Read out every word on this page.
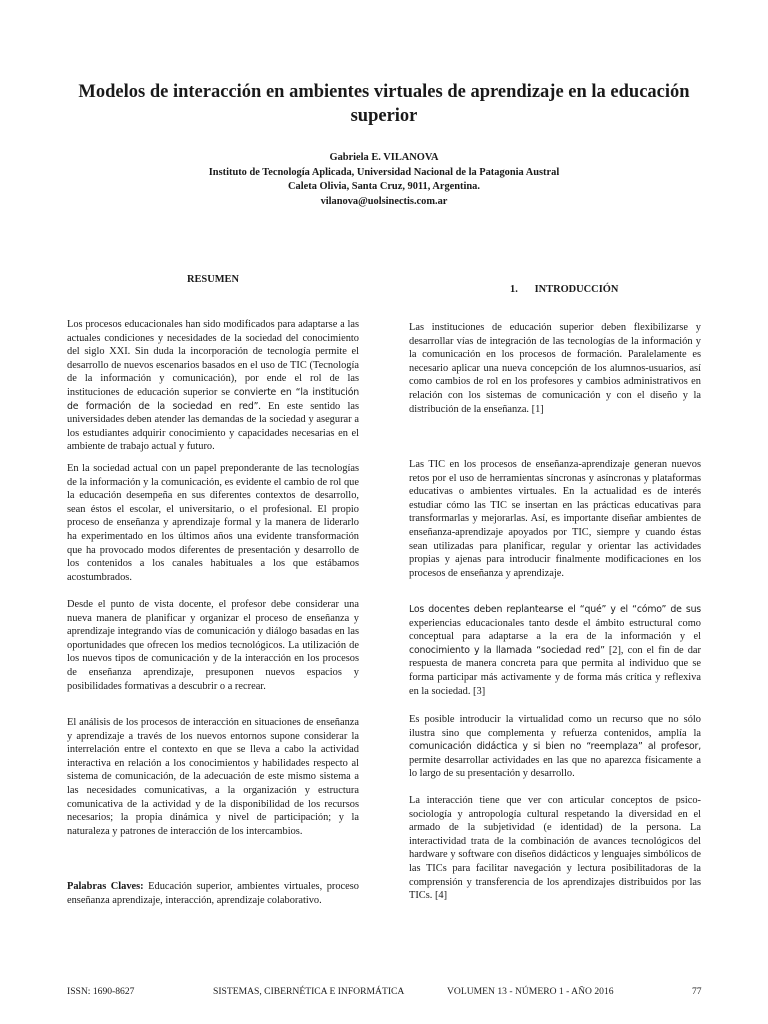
Modelos de interacción en ambientes virtuales de aprendizaje en la educación
superior
Gabriela E. VILANOVA
Instituto de Tecnología Aplicada, Universidad Nacional de la Patagonia Austral
Caleta Olivia, Santa Cruz, 9011, Argentina.
vilanova@uolsinectis.com.ar
RESUMEN
1. INTRODUCCIÓN

Los procesos educacionales han sido modificados para adaptarse a las actuales condiciones y necesidades de la sociedad del conocimiento del siglo XXI. Sin duda la incorporación de tecnología permite el desarrollo de nuevos escenarios basados en el uso de TIC (Tecnología de la información y comunicación), por ende el rol de las instituciones de educación superior se convierte en “la institución de formación de la sociedad en red”. En este sentido las universidades deben atender las demandas de la sociedad y asegurar a los estudiantes adquirir conocimiento y capacidades necesarias en el ambiente de trabajo actual y futuro.

En la sociedad actual con un papel preponderante de las tecnologías de la información y la comunicación, es evidente el cambio de rol que la educación desempeña en sus diferentes contextos de desarrollo, sean éstos el escolar, el universitario, o el profesional. El propio proceso de enseñanza y aprendizaje formal y la manera de liderarlo ha experimentado en los últimos años una evidente transformación que ha provocado modos diferentes de presentación y desarrollo de los contenidos a los canales habituales a los que estábamos acostumbrados.

Desde el punto de vista docente, el profesor debe considerar una nueva manera de planificar y organizar el proceso de enseñanza y aprendizaje integrando vías de comunicación y diálogo basadas en las oportunidades que ofrecen los medios tecnológicos. La utilización de los nuevos tipos de comunicación y de la interacción en los procesos de enseñanza aprendizaje, presuponen nuevos espacios y posibilidades formativas a descubrir o a recrear.

El análisis de los procesos de interacción en situaciones de enseñanza y aprendizaje a través de los nuevos entornos supone considerar la interrelación entre el contexto en que se lleva a cabo la actividad interactiva en relación a los conocimientos y habilidades respecto al sistema de comunicación, de la adecuación de este mismo sistema a las necesidades comunicativas, a la organización y estructura comunicativa de la actividad y de la disponibilidad de los recursos necesarios; la propia dinámica y nivel de participación; y la naturaleza y patrones de interacción de los intercambios.

Palabras Claves: Educación superior, ambientes virtuales, proceso enseñanza aprendizaje, interacción, aprendizaje colaborativo.

Las instituciones de educación superior deben flexibilizarse y desarrollar vías de integración de las tecnologías de la información y la comunicación en los procesos de formación. Paralelamente es necesario aplicar una nueva concepción de los alumnos-usuarios, así como cambios de rol en los profesores y cambios administrativos en relación con los sistemas de comunicación y con el diseño y la distribución de la enseñanza. [1]

Las TIC en los procesos de enseñanza-aprendizaje generan nuevos retos por el uso de herramientas síncronas y asíncronas y plataformas educativas o ambientes virtuales. En la actualidad es de interés estudiar cómo las TIC se insertan en las prácticas educativas para transformarlas y mejorarlas. Así, es importante diseñar ambientes de enseñanza-aprendizaje apoyados por TIC, siempre y cuando éstas sean utilizadas para planificar, regular y orientar las actividades propias y ajenas para introducir finalmente modificaciones en los procesos de enseñanza y aprendizaje.

Los docentes deben replantearse el “qué” y el “cómo” de sus experiencias educacionales tanto desde el ámbito estructural como conceptual para adaptarse a la era de la información y el conocimiento y la llamada “sociedad red” [2], con el fin de dar respuesta de manera concreta para que permita al individuo que se forma participar más activamente y de forma más crítica y reflexiva en la sociedad. [3]

Es posible introducir la virtualidad como un recurso que no sólo ilustra sino que complementa y refuerza contenidos, amplía la comunicación didáctica y si bien no “reemplaza” al profesor, permite desarrollar actividades en las que no aparezca físicamente a lo largo de su presentación y desarrollo.

La interacción tiene que ver con articular conceptos de psico-sociología y antropología cultural respetando la diversidad en el armado de la subjetividad (e identidad) de la persona. La interactividad trata de la combinación de avances tecnológicos del hardware y software con diseños didácticos y lenguajes simbólicos de las TICs para facilitar navegación y lectura posibilitadoras de la comprensión y transferencia de los aprendizajes distribuidos por las TICs. [4]

ISSN: 1690-8627	SISTEMAS, CIBERNÉTICA E INFORMÁTICA	VOLUMEN 13 - NÚMERO 1 - AÑO 2016	77
